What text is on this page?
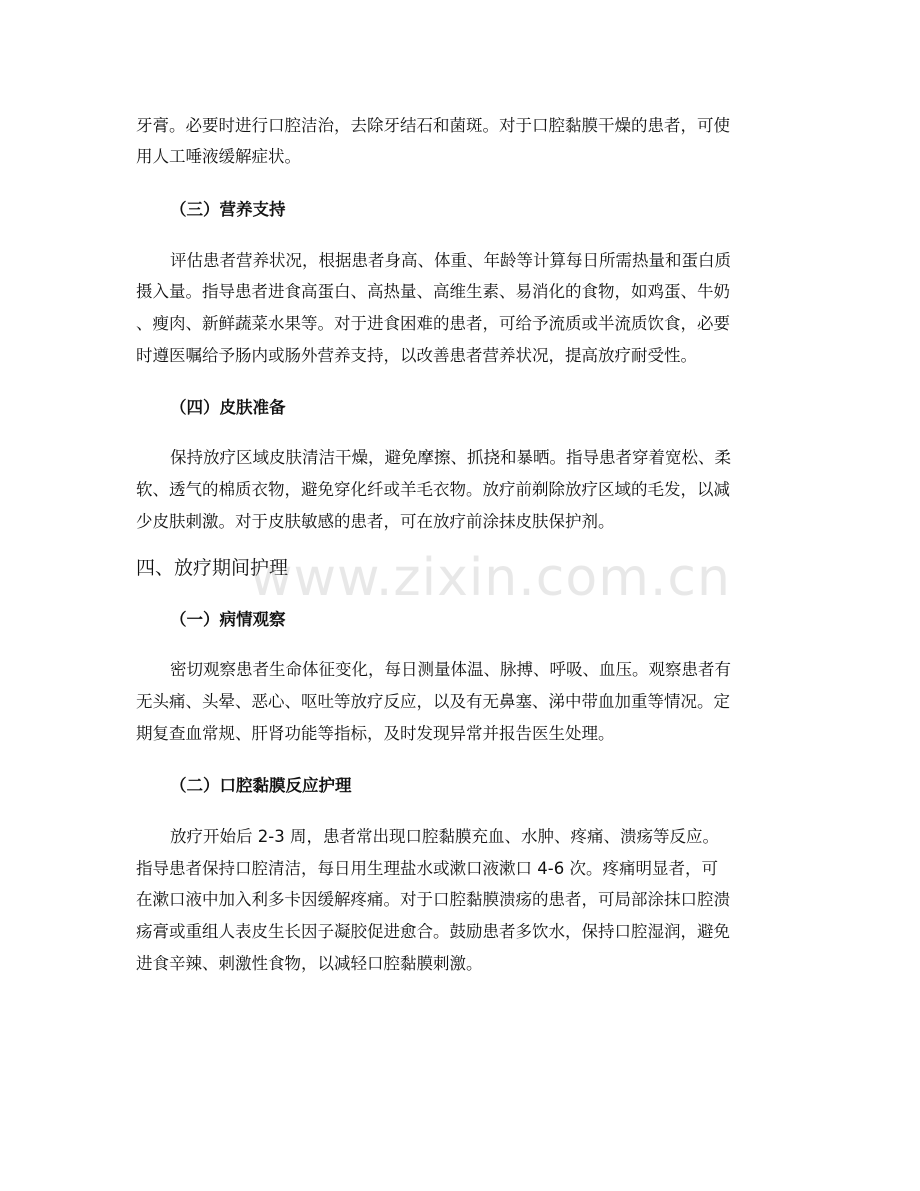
牙膏。必要时进行口腔洁治，去除牙结石和菌斑。对于口腔黏膜干燥的患者，可使
用人工唾液缓解症状。
（三）营养支持
评估患者营养状况，根据患者身高、体重、年龄等计算每日所需热量和蛋白质
摄入量。指导患者进食高蛋白、高热量、高维生素、易消化的食物，如鸡蛋、牛奶
、瘦肉、新鲜蔬菜水果等。对于进食困难的患者，可给予流质或半流质饮食，必要
时遵医嘱给予肠内或肠外营养支持，以改善患者营养状况，提高放疗耐受性。
（四）皮肤准备
保持放疗区域皮肤清洁干燥，避免摩擦、抓挠和暴晒。指导患者穿着宽松、柔
软、透气的棉质衣物，避免穿化纤或羊毛衣物。放疗前剃除放疗区域的毛发，以减
少皮肤刺激。对于皮肤敏感的患者，可在放疗前涂抹皮肤保护剂。
四、放疗期间护理
www.zixin.com.cn
（一）病情观察
密切观察患者生命体征变化，每日测量体温、脉搏、呼吸、血压。观察患者有
无头痛、头晕、恶心、呕吐等放疗反应，以及有无鼻塞、涕中带血加重等情况。定
期复查血常规、肝肾功能等指标，及时发现异常并报告医生处理。
（二）口腔黏膜反应护理
放疗开始后 2-3 周，患者常出现口腔黏膜充血、水肿、疼痛、溃疡等反应。
指导患者保持口腔清洁，每日用生理盐水或漱口液漱口 4-6 次。疼痛明显者，可
在漱口液中加入利多卡因缓解疼痛。对于口腔黏膜溃疡的患者，可局部涂抹口腔溃
疡膏或重组人表皮生长因子凝胶促进愈合。鼓励患者多饮水，保持口腔湿润，避免
进食辛辣、刺激性食物，以减轻口腔黏膜刺激。
